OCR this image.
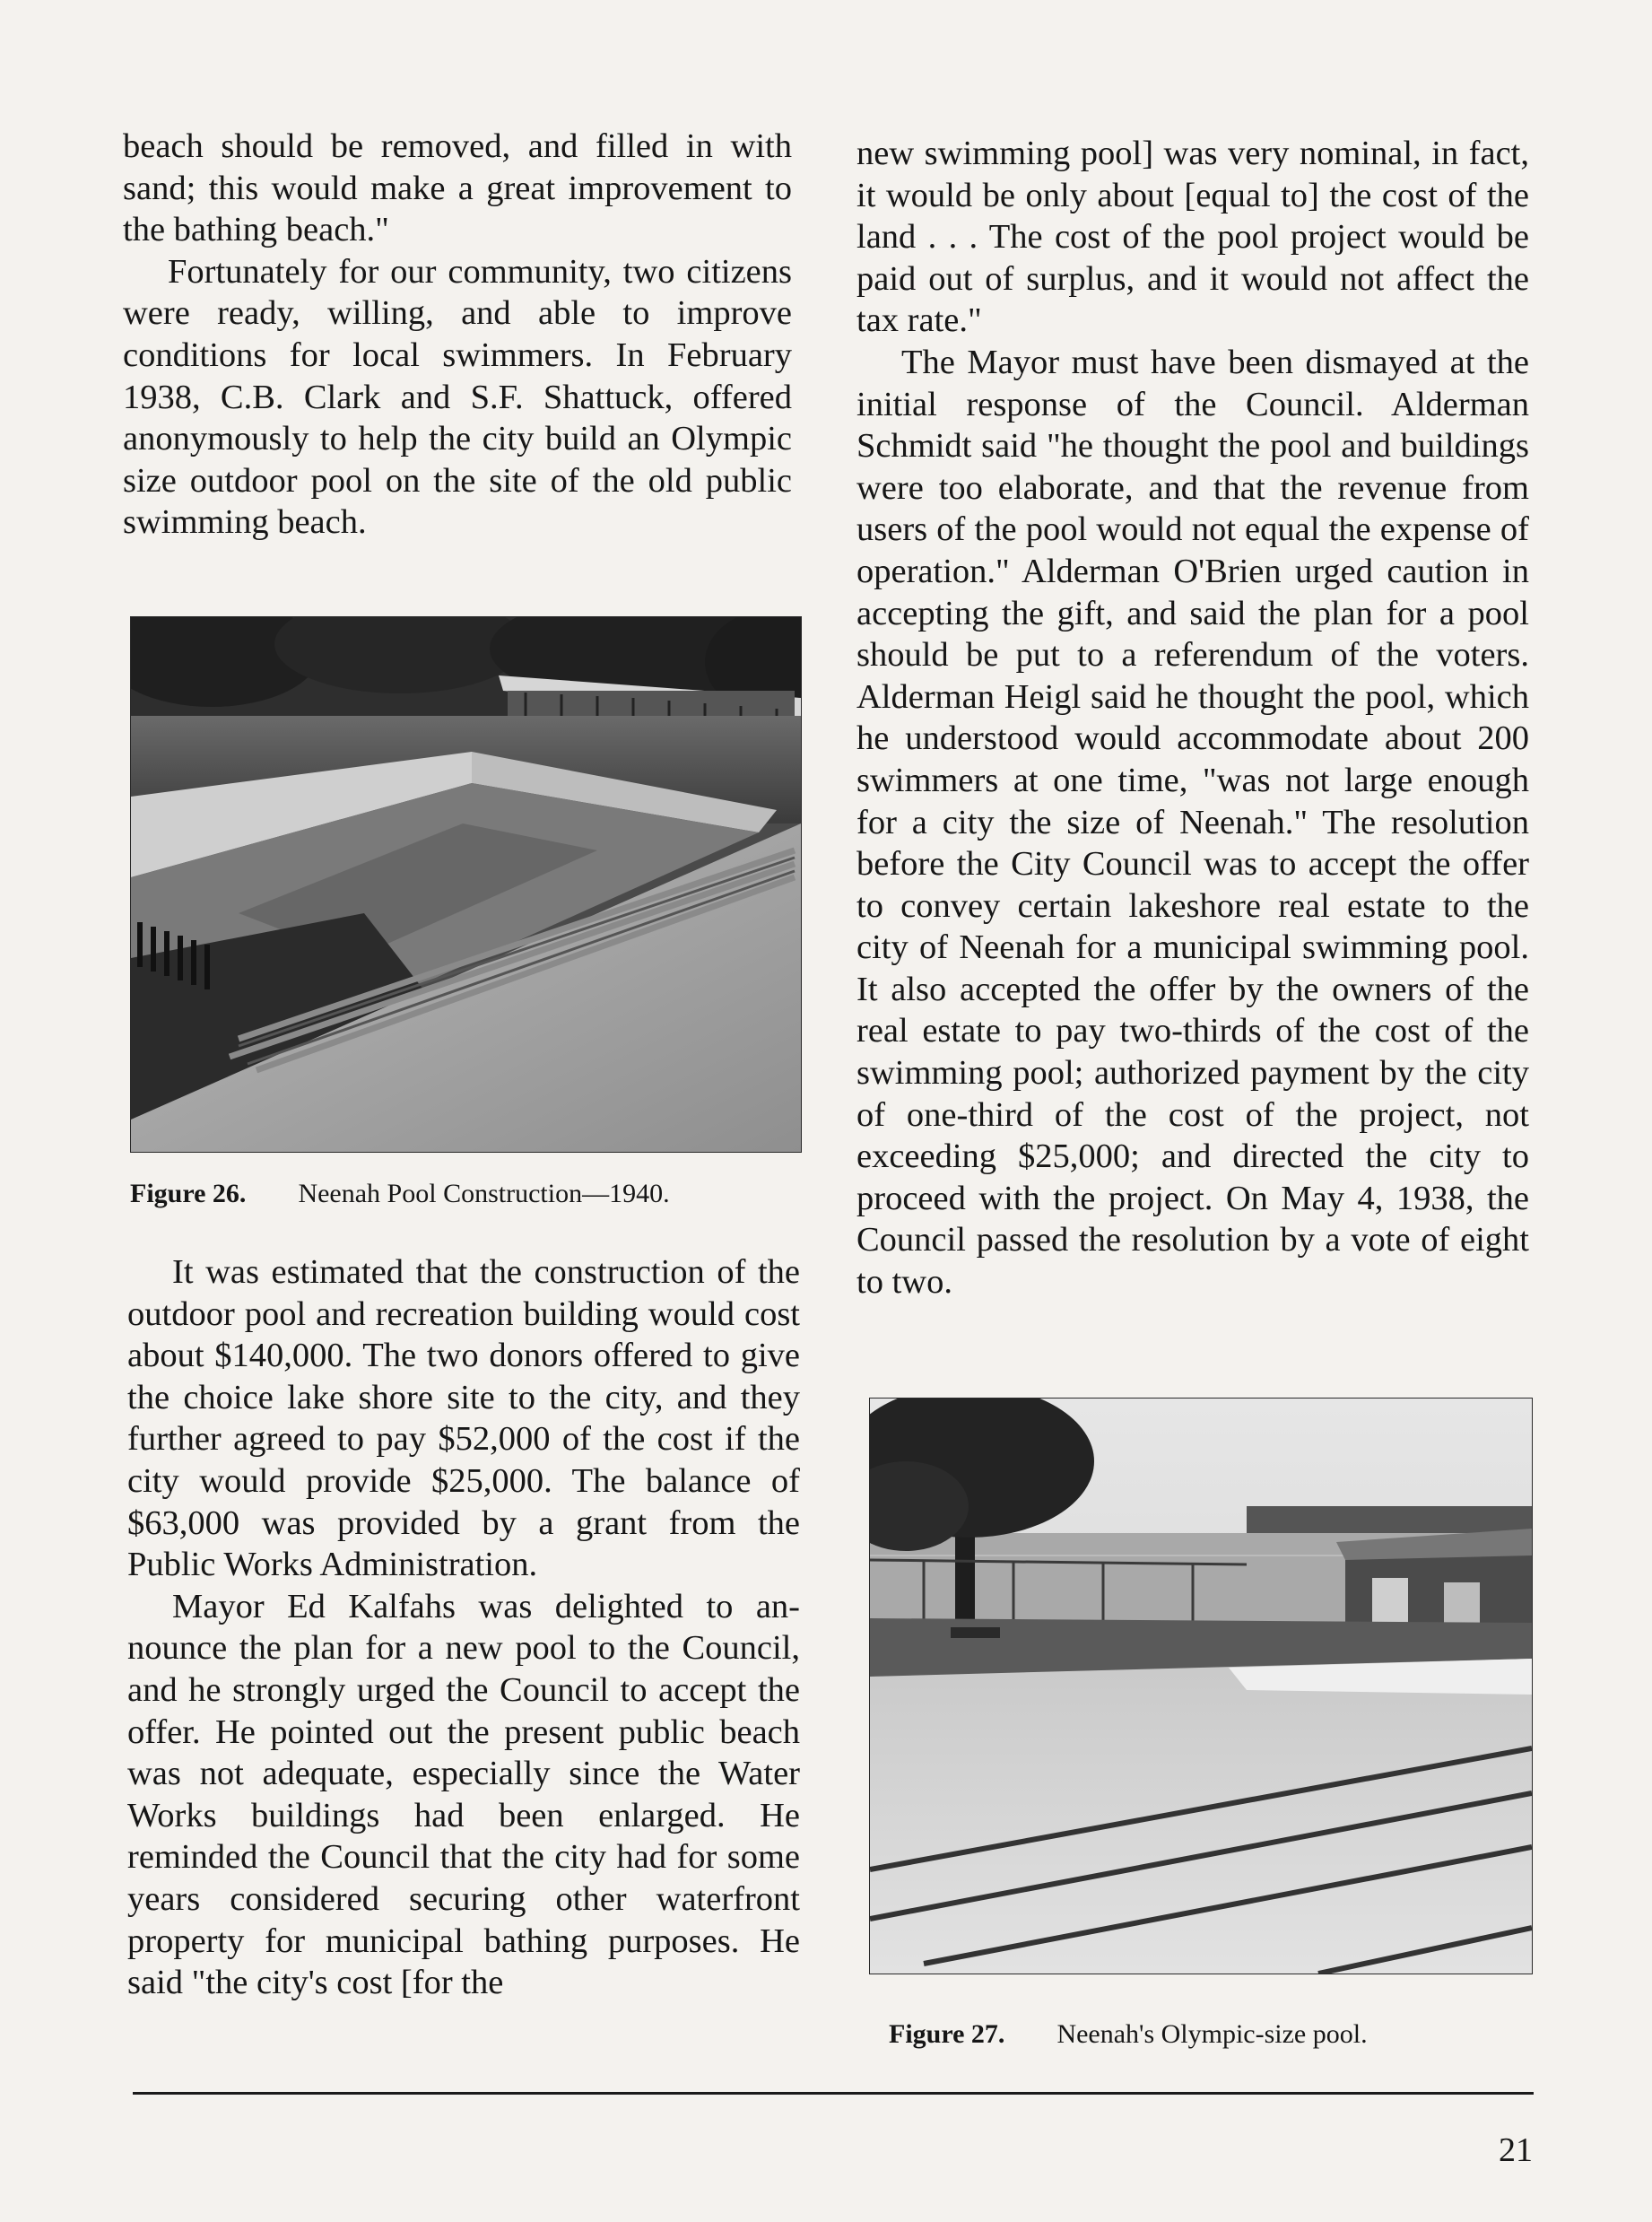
beach should be removed, and filled in with sand; this would make a great improvement to the bathing beach."

Fortunately for our community, two citizens were ready, willing, and able to improve conditions for local swimmers. In February 1938, C.B. Clark and S.F. Shattuck, offered anonymously to help the city build an Olympic size outdoor pool on the site of the old public swimming beach.

Figure 26. Neenah Pool Construction—1940.

It was estimated that the construction of the outdoor pool and recreation building would cost about $140,000. The two donors offered to give the choice lake shore site to the city, and they further agreed to pay $52,000 of the cost if the city would provide $25,000. The balance of $63,000 was provided by a grant from the Public Works Administration.

Mayor Ed Kalfahs was delighted to announce the plan for a new pool to the Council, and he strongly urged the Council to accept the offer. He pointed out the present public beach was not adequate, especially since the Water Works buildings had been enlarged. He reminded the Council that the city had for some years considered securing other waterfront property for municipal bathing purposes. He said "the city's cost [for the

new swimming pool] was very nominal, in fact, it would be only about [equal to] the cost of the land . . . The cost of the pool project would be paid out of surplus, and it would not affect the tax rate."

The Mayor must have been dismayed at the initial response of the Council. Alderman Schmidt said "he thought the pool and buildings were too elaborate, and that the revenue from users of the pool would not equal the expense of operation." Alderman O'Brien urged caution in accepting the gift, and said the plan for a pool should be put to a referendum of the voters. Alderman Heigl said he thought the pool, which he understood would accommodate about 200 swimmers at one time, "was not large enough for a city the size of Neenah." The resolution before the City Council was to accept the offer to convey certain lakeshore real estate to the city of Neenah for a municipal swimming pool. It also accepted the offer by the owners of the real estate to pay two-thirds of the cost of the swimming pool; authorized payment by the city of one-third of the cost of the project, not exceeding $25,000; and directed the city to proceed with the project. On May 4, 1938, the Council passed the resolution by a vote of eight to two.

Figure 27. Neenah's Olympic-size pool.
21
